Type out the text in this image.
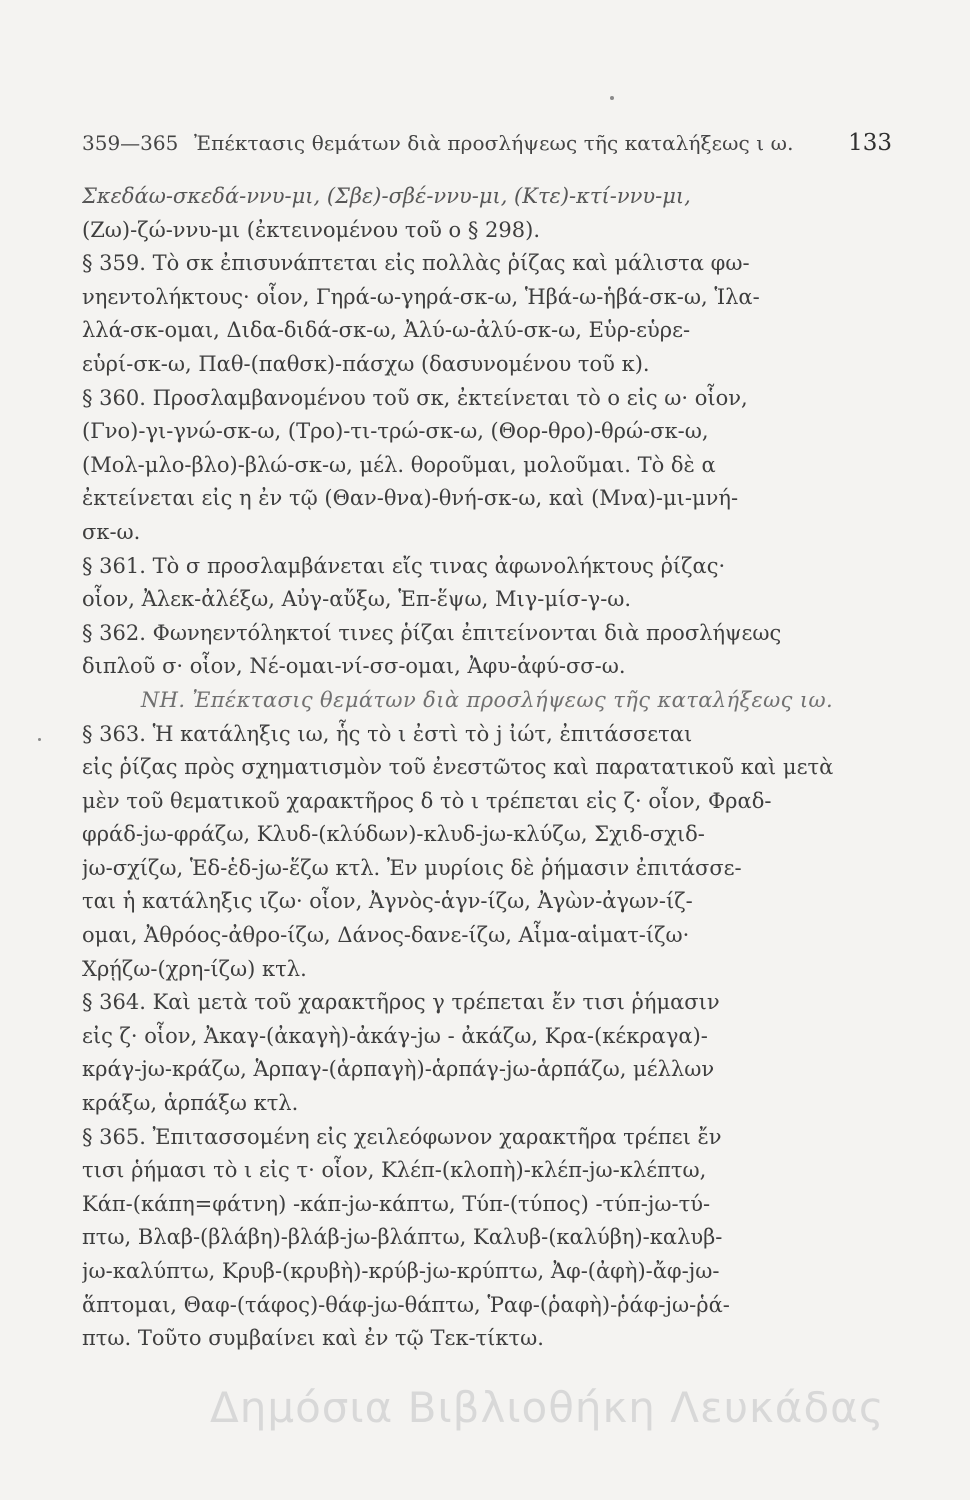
359—365 Ἐπέκτασις θεμάτων διὰ προσλήψεως τῆς καταλήξεως ι ω. 133
Σκεδάω-σκεδά-ννυ-μι, (Σβε)-σβέ-ννυ-μι, (Κτε)-κτί-ννυ-μι,
(Ζω)-ζώ-ννυ-μι (ἐκτεινομένου τοῦ ο § 298).
§ 359. Τὸ σκ ἐπισυνάπτεται εἰς πολλὰς ῥίζας καὶ μάλιστα φω-
νηεντολήκτους· οἷον, Γηρά-ω-γηρά-σκ-ω, Ἡβά-ω-ἡβά-σκ-ω, Ἱλα-
λλά-σκ-ομαι, Διδα-διδά-σκ-ω, Ἀλύ-ω-ἀλύ-σκ-ω, Εὑρ-εὑρε-
εὑρί-σκ-ω, Παθ-(παθσκ)-πάσχω (δασυνομένου τοῦ κ).
§ 360. Προσλαμβανομένου τοῦ σκ, ἐκτείνεται τὸ ο εἰς ω· οἷον,
(Γνο)-γι-γνώ-σκ-ω, (Τρο)-τι-τρώ-σκ-ω, (Θορ-θρο)-θρώ-σκ-ω,
(Μολ-μλο-βλο)-βλώ-σκ-ω, μέλ. θοροῦμαι, μολοῦμαι. Τὸ δὲ α
ἐκτείνεται εἰς η ἐν τῷ (Θαν-θνα)-θνή-σκ-ω, καὶ (Μνα)-μι-μνή-
σκ-ω.
§ 361. Τὸ σ προσλαμβάνεται εἴς τινας ἀφωνολήκτους ῥίζας·
οἷον, Ἀλεκ-ἀλέξω, Αὐγ-αὔξω, Ἑπ-ἕψω, Μιγ-μίσ-γ-ω.
§ 362. Φωνηεντόληκτοί τινες ῥίζαι ἐπιτείνονται διὰ προσλήψεως
διπλοῦ σ· οἷον, Νέ-ομαι-νί-σσ-ομαι, Ἀφυ-ἀφύ-σσ-ω.
ΝΗ. Ἐπέκτασις θεμάτων διὰ προσλήψεως τῆς καταλήξεως ιω.
§ 363. Ἡ κατάληξις ιω, ἧς τὸ ι ἐστὶ τὸ j ἰώτ, ἐπιτάσσεται
εἰς ῥίζας πρὸς σχηματισμὸν τοῦ ἐνεστῶτος καὶ παρατατικοῦ καὶ μετὰ
μὲν τοῦ θεματικοῦ χαρακτῆρος δ τὸ ι τρέπεται εἰς ζ· οἷον, Φραδ-
φράδ-jω-φράζω, Κλυδ-(κλύδων)-κλυδ-jω-κλύζω, Σχιδ-σχιδ-
jω-σχίζω, Ἑδ-ἑδ-jω-ἕζω κτλ. Ἐν μυρίοις δὲ ῥήμασιν ἐπιτάσσε-
ται ἡ κατάληξις ιζω· οἷον, Ἀγνὸς-ἁγν-ίζω, Ἀγὼν-ἀγων-ίζ-
ομαι, Ἀθρόος-ἀθρο-ίζω, Δάνος-δανε-ίζω, Αἷμα-αἱματ-ίζω·
Χρῄζω-(χρη-ίζω) κτλ.
§ 364. Καὶ μετὰ τοῦ χαρακτῆρος γ τρέπεται ἔν τισι ῥήμασιν
εἰς ζ· οἷον, Ἀκαγ-(ἀκαγὴ)-ἀκάγ-jω - ἀκάζω, Κρα-(κέκραγα)-
κράγ-jω-κράζω, Ἁρπαγ-(ἁρπαγὴ)-ἁρπάγ-jω-ἁρπάζω, μέλλων
κράξω, ἁρπάξω κτλ.
§ 365. Ἐπιτασσομένη εἰς χειλεόφωνον χαρακτῆρα τρέπει ἔν
τισι ῥήμασι τὸ ι εἰς τ· οἷον, Κλέπ-(κλοπὴ)-κλέπ-jω-κλέπτω,
Κάπ-(κάπη=φάτνη) -κάπ-jω-κάπτω, Τύπ-(τύπος) -τύπ-jω-τύ-
πτω, Βλαβ-(βλάβη)-βλάβ-jω-βλάπτω, Καλυβ-(καλύβη)-καλυβ-
jω-καλύπτω, Κρυβ-(κρυβὴ)-κρύβ-jω-κρύπτω, Ἀφ-(ἀφὴ)-ἄφ-jω-
ἅπτομαι, Θαφ-(τάφος)-θάφ-jω-θάπτω, Ῥαφ-(ῥαφὴ)-ῥάφ-jω-ῥά-
πτω. Τοῦτο συμβαίνει καὶ ἐν τῷ Τεκ-τίκτω.
Δημόσια Βιβλιοθήκη Λευκάδας
